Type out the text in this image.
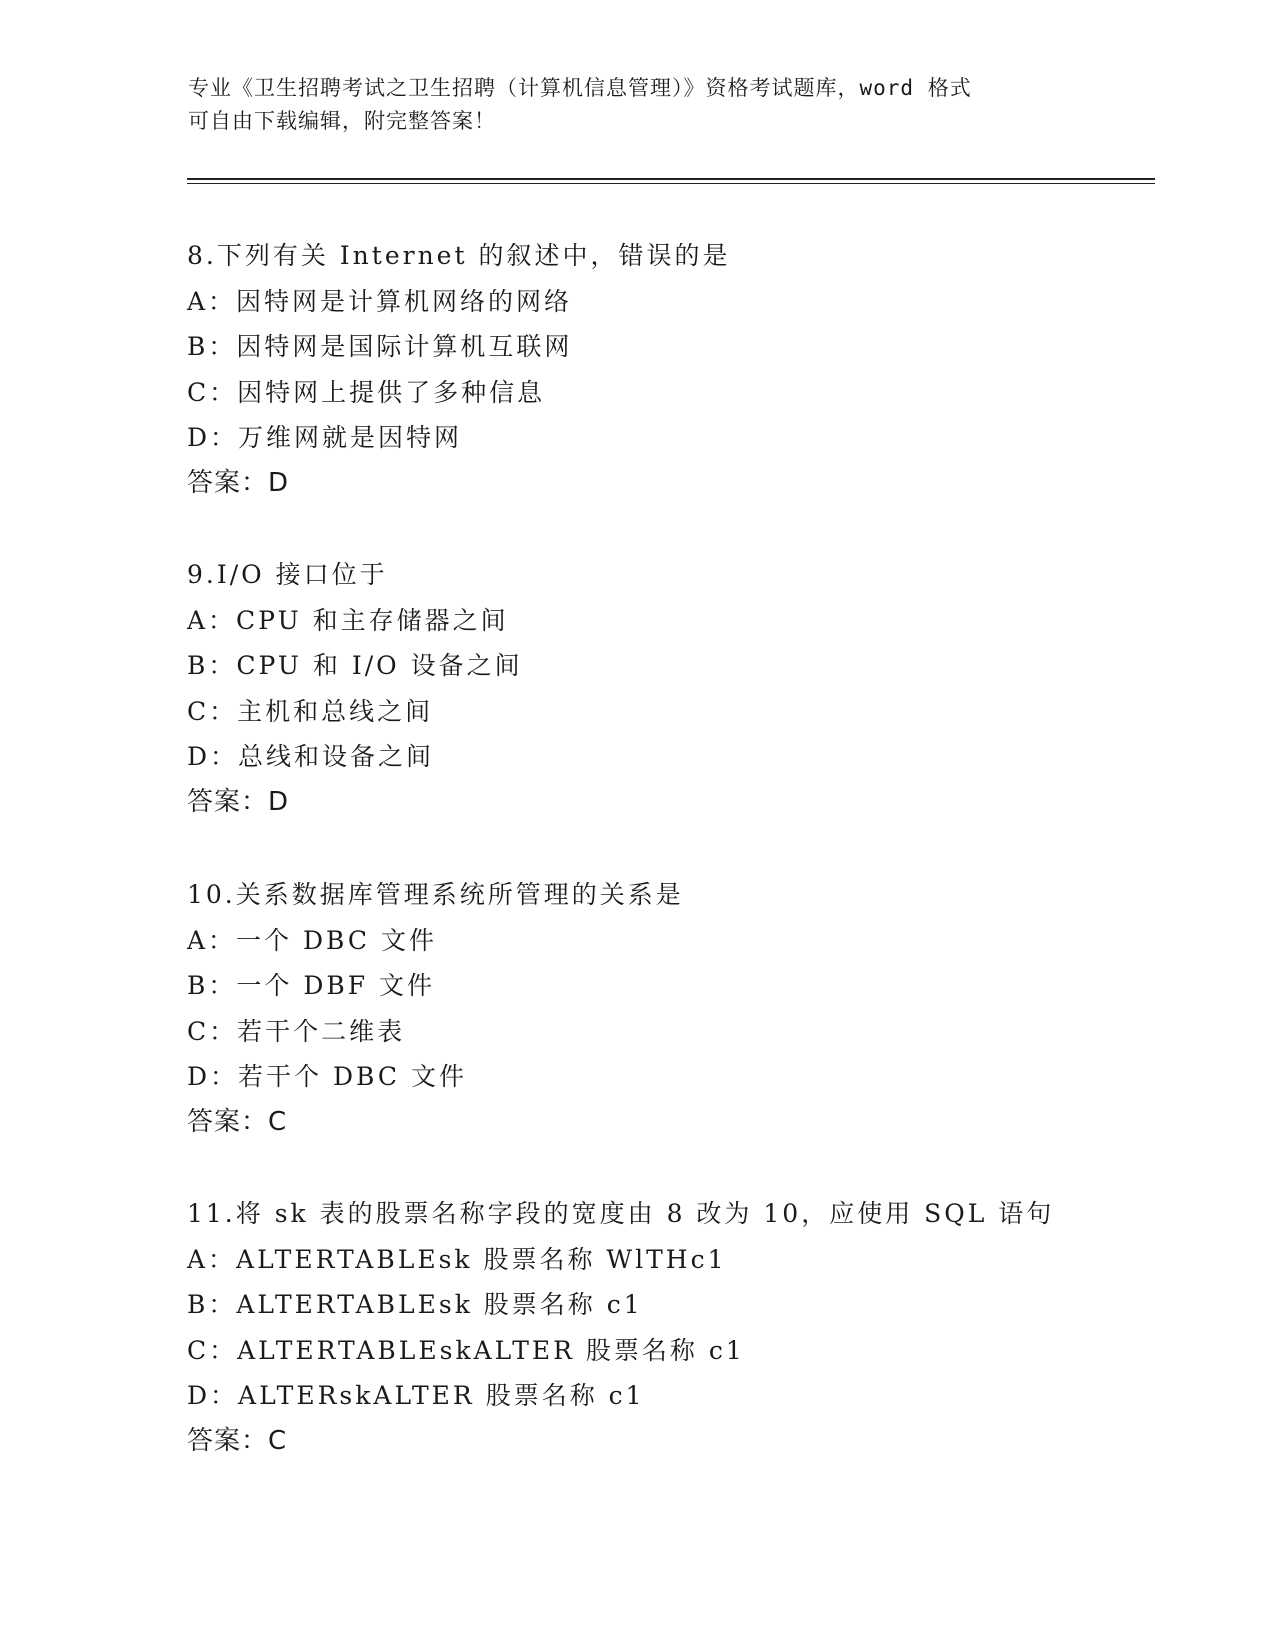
专业《卫生招聘考试之卫生招聘（计算机信息管理）》资格考试题库，word 格式
可自由下载编辑，附完整答案！
8.下列有关 Internet 的叙述中，错误的是
A：因特网是计算机网络的网络
B：因特网是国际计算机互联网
C：因特网上提供了多种信息
D：万维网就是因特网
答案：D
9.I/O 接口位于
A：CPU 和主存储器之间
B：CPU 和 I/O 设备之间
C：主机和总线之间
D：总线和设备之间
答案：D
10.关系数据库管理系统所管理的关系是
A：一个 DBC 文件
B：一个 DBF 文件
C：若干个二维表
D：若干个 DBC 文件
答案：C
11.将 sk 表的股票名称字段的宽度由 8 改为 10，应使用 SQL 语句
A：ALTERTABLEsk 股票名称 WlTHc1
B：ALTERTABLEsk 股票名称 c1
C：ALTERTABLEskALTER 股票名称 c1
D：ALTERskALTER 股票名称 c1
答案：C
